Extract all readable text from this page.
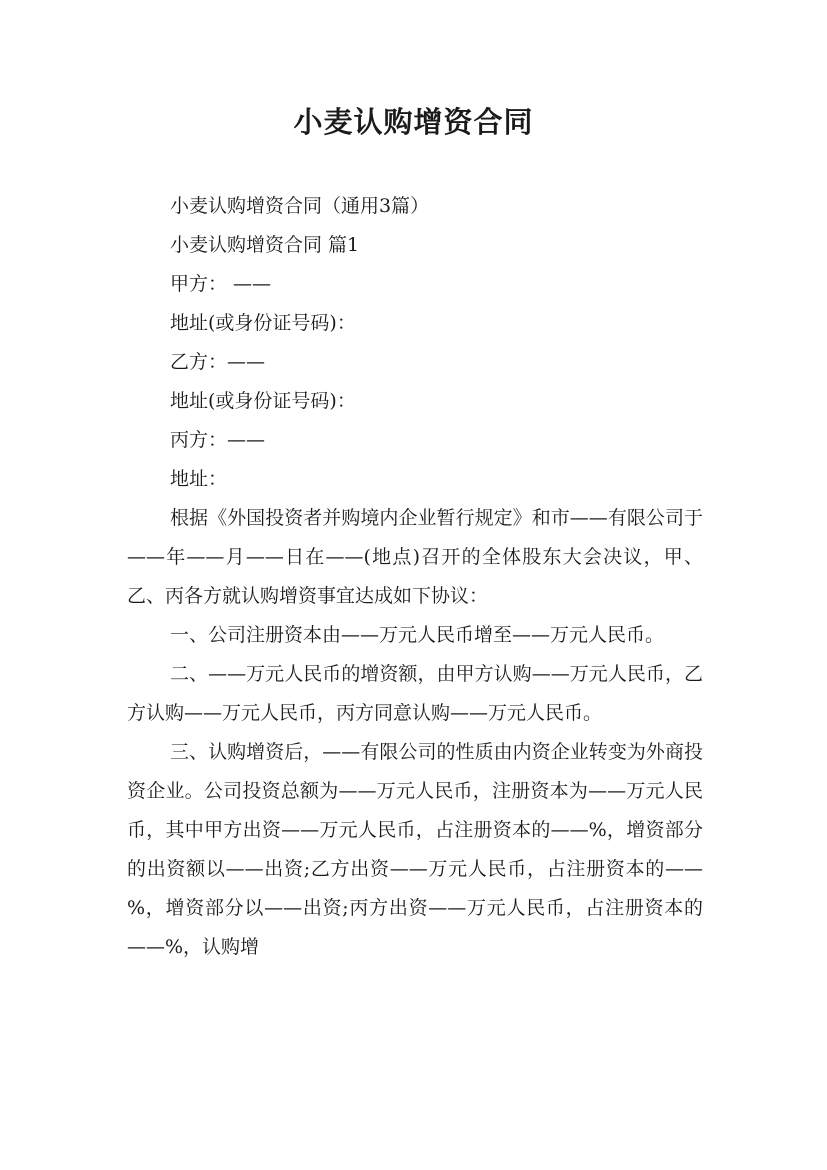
小麦认购增资合同

小麦认购增资合同（通用3篇）

小麦认购增资合同 篇1

甲方： ——

地址(或身份证号码)：

乙方：——

地址(或身份证号码)：

丙方：——

地址：

根据《外国投资者并购境内企业暂行规定》和市——有限公司于——年——月——日在——(地点)召开的全体股东大会决议，甲、乙、丙各方就认购增资事宜达成如下协议：

一、公司注册资本由——万元人民币增至——万元人民币。

二、——万元人民币的增资额，由甲方认购——万元人民币，乙方认购——万元人民币，丙方同意认购——万元人民币。

三、认购增资后，——有限公司的性质由内资企业转变为外商投资企业。公司投资总额为——万元人民币，注册资本为——万元人民币，其中甲方出资——万元人民币，占注册资本的——%，增资部分的出资额以——出资;乙方出资——万元人民币，占注册资本的——%，增资部分以——出资;丙方出资——万元人民币，占注册资本的——%，认购增
